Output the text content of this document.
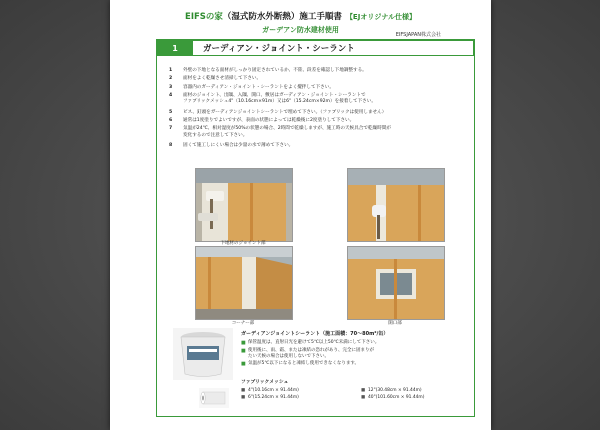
EIFSの家（湿式防水外断熱）施工手順書 【EJオリジナル仕様】
ガーデアン防水建材使用
EIFSJAPAN株式会社
1	ガーディアン・ジョイント・シーラント
1	外壁の下地となる面材がしっかり固定されているか、不陸、段差を確認し下地調整する。
2	面材をよく乾燥させ清掃して下さい。
3	容器内のガーディアン・ジョイント・シーラントをよく攪拌して下さい。
4	面材のジョイント、出隅、入隅、開口、敷居はガーディアン・ジョイント・シーラントで
ファブリックメッシュ4"（10.16cm×91m）又は6"（15.24cm×92m）を接着して下さい。
5	ビス、釘頭をガーディアンジョイントシーラントで埋めて下さい。（ファブリックは使用しません）
6	通常は1度塗りでよいですが、表面の状態によっては乾燥後に2度塗りして下さい。
7	気温が24℃、相対湿度が50%の状態の場合、2時間で乾燥しますが、施工時の天候具合で乾燥時間が
変化するので注意して下さい。
8	固くて施工しにくい場合は少量の水で薄めて下さい。
下地材のジョイント部
コーナー部	開口部
ガーディアンジョイントシーラント（施工面積：70～80m²/缶）
■ 保管温度は、直射日光を避けて5℃以上50℃未満にして下さい。
■ 使用後に、雨、霜、または凍結の恐れがあり、完全に固まりが
たい天候の場合は使用しないで下さい。
■ 気温が5℃以下になると凍結し使用できなくなります。
ファブリックメッシュ
■ 4"(10.16cm × 91.44m)	■ 12"(30.48cm × 91.44m)
■ 6"(15.24cm × 91.44m)	■ 40"(101.60cm × 91.44m)
